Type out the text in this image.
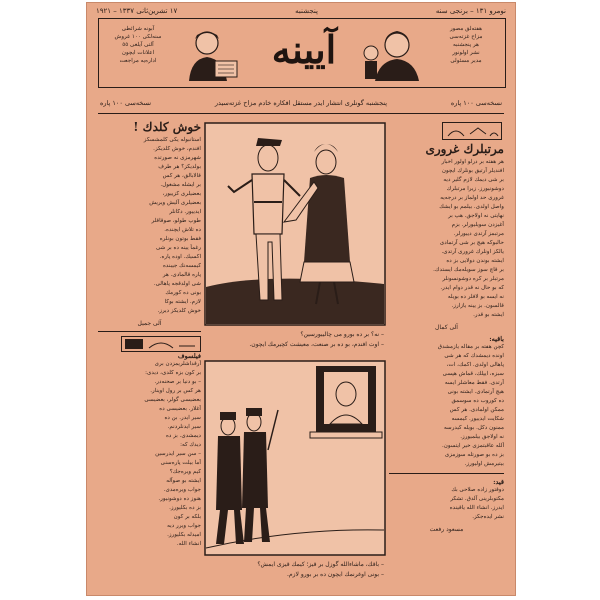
١٧ تشرين‌ثانی ١٣٣٧ – ١٩٢١	پنجشنبه	نومرو ١٣۱ – برنجی سنه
آبونه شرائطی
سنه‌لکی ١٠٠ غروش
آلتی آیلغی ٥٥
اعلانات ایچون
اداره‌یه مراجعت	آیینه	هفته‌لق مصور
مزاح غزته‌سی
هر پنجشنبه
نشر اولونور
مدیر مسئولی
نسخه‌سی ١٠٠ پاره	پنجشنبه گونلری انتشار ایدر مستقل افکاره خادم مزاح غزته‌سیدر	نسخه‌سی ١٠٠ پاره
مرتبلرك غروری
هر هفته بر درلو اولور اخبار
افندیلر آرتیق بونلرك ایچون
بر شی دیمك لازم گلیر دیه
دوشونیورز. زیرا مرتبلرك
غروری حد اولماز بر درجه‌یه
واصل اولدی. بیلمم بو ایشك
نهایتی نه اولاجق. هپ بر
آغیزدن سویلیورلر. بزم
مرتبمز آرتدی دییورلر.
حالبوکه هیچ بر شی آرتمادی
یالکز اونلرك غروری آرتدی.
ایشته بوندن دولایی بز ده
بر قاچ سوز سویله‌مك ایستدك.
مرتبلر بر کره دوشونسونلر
که بو حال نه قدر دوام ایدر.
نه ایسه بو لافلر ده بویله
قالسون. بز یینه یازارز.
ایشته بو قدر.
آلی کمال
باقیه:
كچن هفته بر مقاله یازمشدق
اونده دیمشدك که هر شی
پاهالی اولدی. اكمك، ات،
سبزه، ایپلك، قماش هپسی
آرتدی. فقط معاشلر ایسه
هیچ آرتمادی. ایشته بونی
ده كوروب ده سوسمق
ممكن اولمادی. هر كس
شكایت ایدییور. کیمسه
ممنون دكل. بویله كیدرسه
نه اولاجق بیلمیورز.
آلله عاقبتمزی خیر ایتسون.
بز ده بو صورتله سوزمزی
بیتیرمش اولیورز.
قید:
دوقتور زاده صلاحی بك
مكتوبلرینی آلدق. تشكر
ایدرز. انشاء الله یاقینده
نشر ایده‌جكز.
مسعود رفعت
– نه؟ بر ده بورو می چالییورسین؟
– اوت افندم، بو ده بر صنعت، معیشت کچیرمك ایچون.
– باقك، ماشاءالله گوزل بر قیز؛ کیمك قیزی ایمش؟
– بونی اوغرنمك ایچون ده بر بورو لازم.
خوش کلدك !
استانبوله یکی کلمشسکز
افندم، خوش کلدیکز.
شهرمزی نه صورتده
بولدیکز؟ هر طرف
قالابالق، هر كس
بر ایشله مشغول.
بعضیلری کزییور،
بعضیلری آلیش ویریش
ایدییور. دکانلر
طوپ طولو، صوقاقلر
ده تلاش ایچنده.
فقط بوتون بونلره
رغماً یینه ده بر شی
اکسیك. اوده پاره.
کیمسه‌نك جیبنده
پاره قالمادی. هر
شی اولدقجه پاهالی.
بونی ده کورمك
لازم. ایشته بوکا
خوش کلدیکز دیرز.
آلی جمیل
فیلسوف
آرقداشلریمزدن بری
بر كون بزه كلدی، دیدی:
– بو دنیا بر صحنه‌در.
هر كس بر رول اوینار.
بعضیسی گولر، بعضیسی
آغلار. بعضیسی ده
سیر ایدر. بن ده
سیر ایدنلردنم.
دیمشدی. بز ده
دیدك که:
– سن سیر ایدرسین
آما بیلت پاره‌سنی
کیم ویره‌جك؟
ایشته بو صوآله
جواب ویره‌مدی.
هنوز ده دوشونیور.
بز ده بکلیورز.
بلکه بر کون
جواب ویرر دیه
امیدله بکلیورز.
انشاء الله.
